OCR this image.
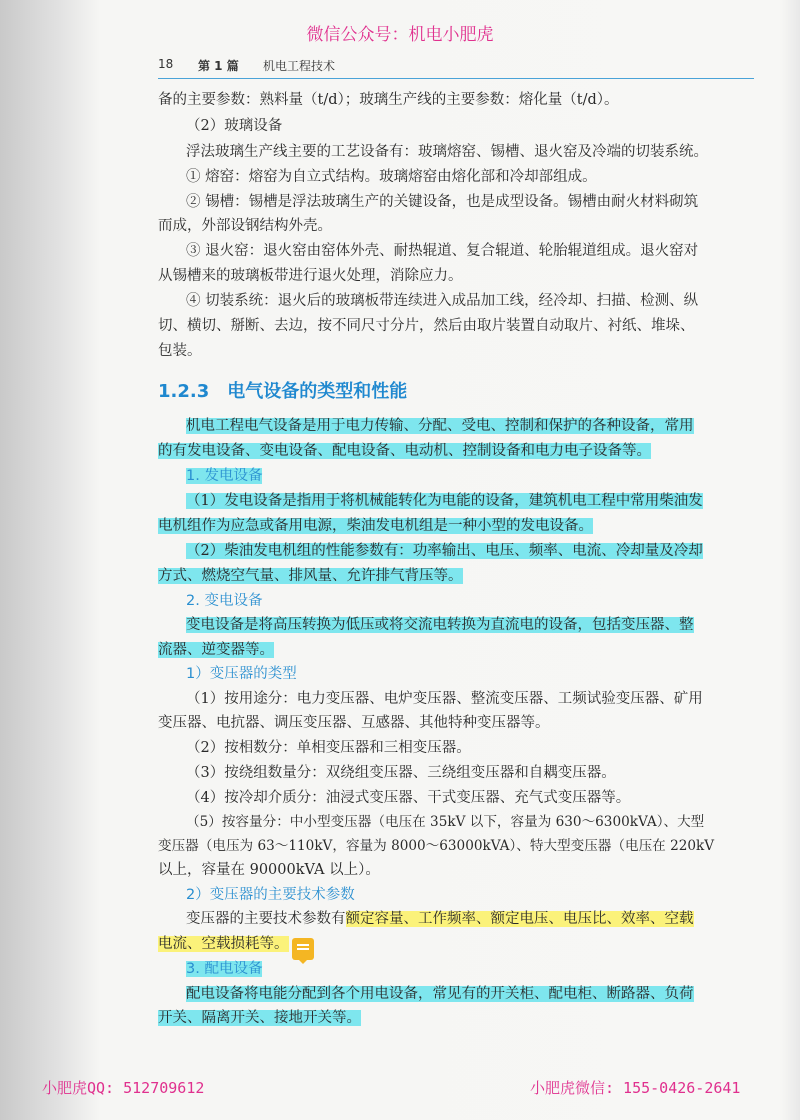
微信公众号：机电小肥虎
18 第 1 篇 机电工程技术
备的主要参数：熟料量（t/d）；玻璃生产线的主要参数：熔化量（t/d）。
（2）玻璃设备
浮法玻璃生产线主要的工艺设备有：玻璃熔窑、锡槽、退火窑及冷端的切装系统。
① 熔窑：熔窑为自立式结构。玻璃熔窑由熔化部和冷却部组成。
② 锡槽：锡槽是浮法玻璃生产的关键设备，也是成型设备。锡槽由耐火材料砌筑
而成，外部设钢结构外壳。
③ 退火窑：退火窑由窑体外壳、耐热辊道、复合辊道、轮胎辊道组成。退火窑对
从锡槽来的玻璃板带进行退火处理，消除应力。
④ 切装系统：退火后的玻璃板带连续进入成品加工线，经冷却、扫描、检测、纵
切、横切、掰断、去边，按不同尺寸分片，然后由取片装置自动取片、衬纸、堆垛、
包装。
1.2.3 电气设备的类型和性能
机电工程电气设备是用于电力传输、分配、受电、控制和保护的各种设备，常用
的有发电设备、变电设备、配电设备、电动机、控制设备和电力电子设备等。
1. 发电设备
（1）发电设备是指用于将机械能转化为电能的设备，建筑机电工程中常用柴油发
电机组作为应急或备用电源，柴油发电机组是一种小型的发电设备。
（2）柴油发电机组的性能参数有：功率输出、电压、频率、电流、冷却量及冷却
方式、燃烧空气量、排风量、允许排气背压等。
2. 变电设备
变电设备是将高压转换为低压或将交流电转换为直流电的设备，包括变压器、整
流器、逆变器等。
1）变压器的类型
（1）按用途分：电力变压器、电炉变压器、整流变压器、工频试验变压器、矿用
变压器、电抗器、调压变压器、互感器、其他特种变压器等。
（2）按相数分：单相变压器和三相变压器。
（3）按绕组数量分：双绕组变压器、三绕组变压器和自耦变压器。
（4）按冷却介质分：油浸式变压器、干式变压器、充气式变压器等。
（5）按容量分：中小型变压器（电压在 35kV 以下，容量为 630～6300kVA）、大型
变压器（电压为 63～110kV，容量为 8000～63000kVA）、特大型变压器（电压在 220kV
以上，容量在 90000kVA 以上）。
2）变压器的主要技术参数
变压器的主要技术参数有额定容量、工作频率、额定电压、电压比、效率、空载
电流、空载损耗等。
3. 配电设备
配电设备将电能分配到各个用电设备，常见有的开关柜、配电柜、断路器、负荷
开关、隔离开关、接地开关等。
小肥虎QQ: 512709612	小肥虎微信: 155-0426-2641
